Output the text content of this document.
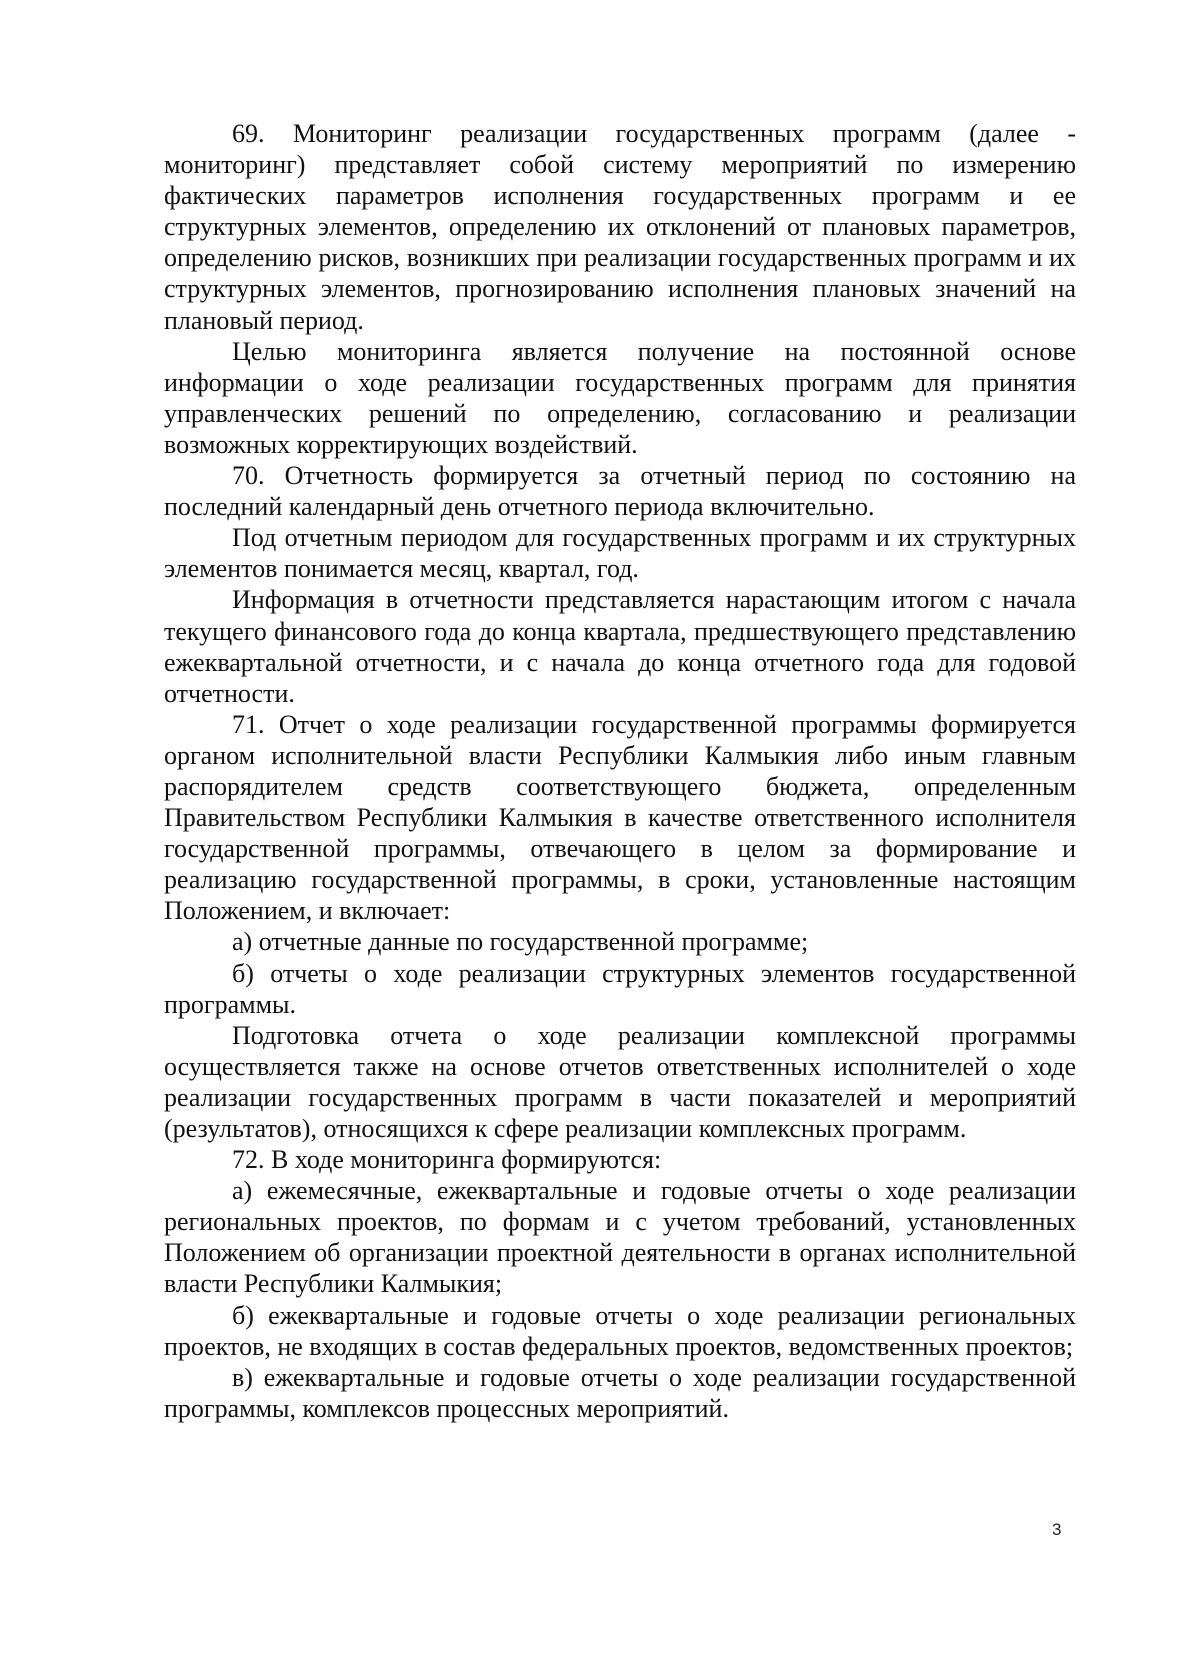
69. Мониторинг реализации государственных программ (далее - мониторинг) представляет собой систему мероприятий по измерению фактических параметров исполнения государственных программ и ее структурных элементов, определению их отклонений от плановых параметров, определению рисков, возникших при реализации государственных программ и их структурных элементов, прогнозированию исполнения плановых значений на плановый период.

Целью мониторинга является получение на постоянной основе информации о ходе реализации государственных программ для принятия управленческих решений по определению, согласованию и реализации возможных корректирующих воздействий.

70. Отчетность формируется за отчетный период по состоянию на последний календарный день отчетного периода включительно.

Под отчетным периодом для государственных программ и их структурных элементов понимается месяц, квартал, год.

Информация в отчетности представляется нарастающим итогом с начала текущего финансового года до конца квартала, предшествующего представлению ежеквартальной отчетности, и с начала до конца отчетного года для годовой отчетности.

71. Отчет о ходе реализации государственной программы формируется органом исполнительной власти Республики Калмыкия либо иным главным распорядителем средств соответствующего бюджета, определенным Правительством Республики Калмыкия в качестве ответственного исполнителя государственной программы, отвечающего в целом за формирование и реализацию государственной программы, в сроки, установленные настоящим Положением, и включает:

а) отчетные данные по государственной программе;

б) отчеты о ходе реализации структурных элементов государственной программы.

Подготовка отчета о ходе реализации комплексной программы осуществляется также на основе отчетов ответственных исполнителей о ходе реализации государственных программ в части показателей и мероприятий (результатов), относящихся к сфере реализации комплексных программ.

72. В ходе мониторинга формируются:

а) ежемесячные, ежеквартальные и годовые отчеты о ходе реализации региональных проектов, по формам и с учетом требований, установленных Положением об организации проектной деятельности в органах исполнительной власти Республики Калмыкия;

б) ежеквартальные и годовые отчеты о ходе реализации региональных проектов, не входящих в состав федеральных проектов, ведомственных проектов;

в) ежеквартальные и годовые отчеты о ходе реализации государственной программы, комплексов процессных мероприятий.

3
